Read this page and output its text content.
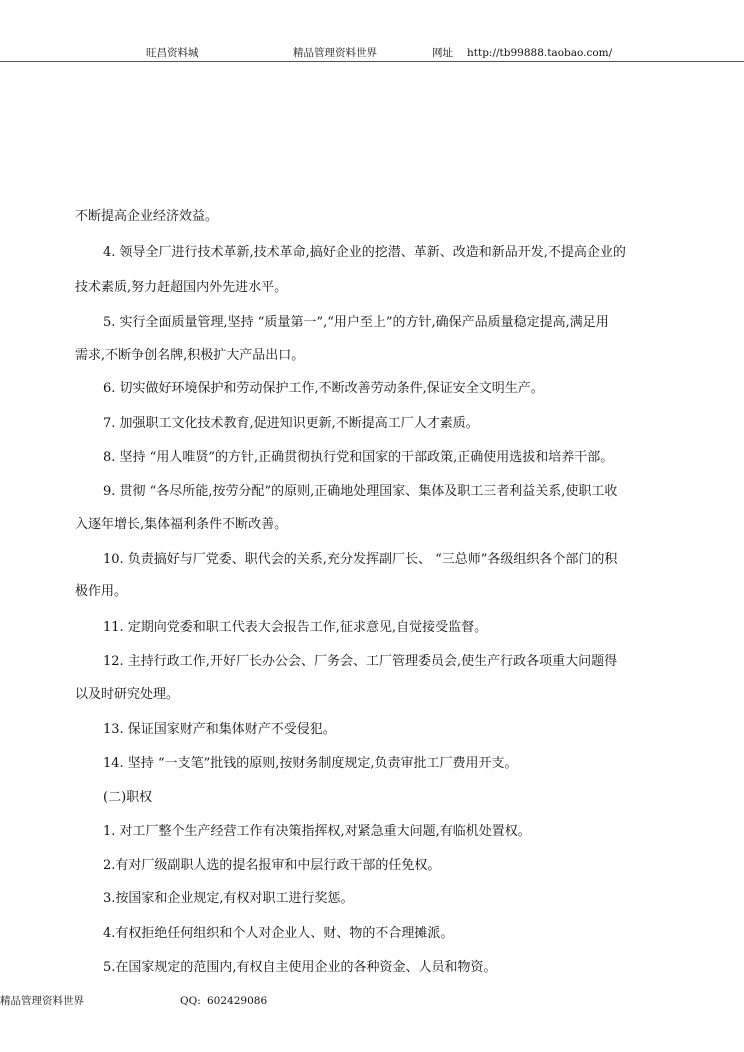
旺昌资料城	精品管理资料世界	网址 http://tb99888.taobao.com/
不断提高企业经济效益。
4. 领导全厂进行技术革新,技术革命,搞好企业的挖潜、革新、改造和新品开发,不提高企业的
技术素质,努力赶超国内外先进水平。
5. 实行全面质量管理,坚持 “质量第一”,“用户至上”的方针,确保产品质量稳定提高,满足用
需求,不断争创名牌,积极扩大产品出口。
6. 切实做好环境保护和劳动保护工作,不断改善劳动条件,保证安全文明生产。
7. 加强职工文化技术教育,促进知识更新,不断提高工厂人才素质。
8. 坚持 “用人唯贤”的方针,正确贯彻执行党和国家的干部政策,正确使用选拔和培养干部。
9. 贯彻 “各尽所能,按劳分配”的原则,正确地处理国家、集体及职工三者利益关系,使职工收
入逐年增长,集体福利条件不断改善。
10. 负责搞好与厂党委、职代会的关系,充分发挥副厂长、 “三总师”各级组织各个部门的积
极作用。
11. 定期向党委和职工代表大会报告工作,征求意见,自觉接受监督。
12. 主持行政工作,开好厂长办公会、厂务会、工厂管理委员会,使生产行政各项重大问题得
以及时研究处理。
13. 保证国家财产和集体财产不受侵犯。
14. 坚持 “一支笔”批钱的原则,按财务制度规定,负责审批工厂费用开支。
(二)职权
1. 对工厂整个生产经营工作有决策指挥权,对紧急重大问题,有临机处置权。
2.有对厂级副职人选的提名报审和中层行政干部的任免权。
3.按国家和企业规定,有权对职工进行奖惩。
4.有权拒绝任何组织和个人对企业人、财、物的不合理摊派。
5.在国家规定的范围内,有权自主使用企业的各种资金、人员和物资。
精品管理资料世界	QQ: 602429086
